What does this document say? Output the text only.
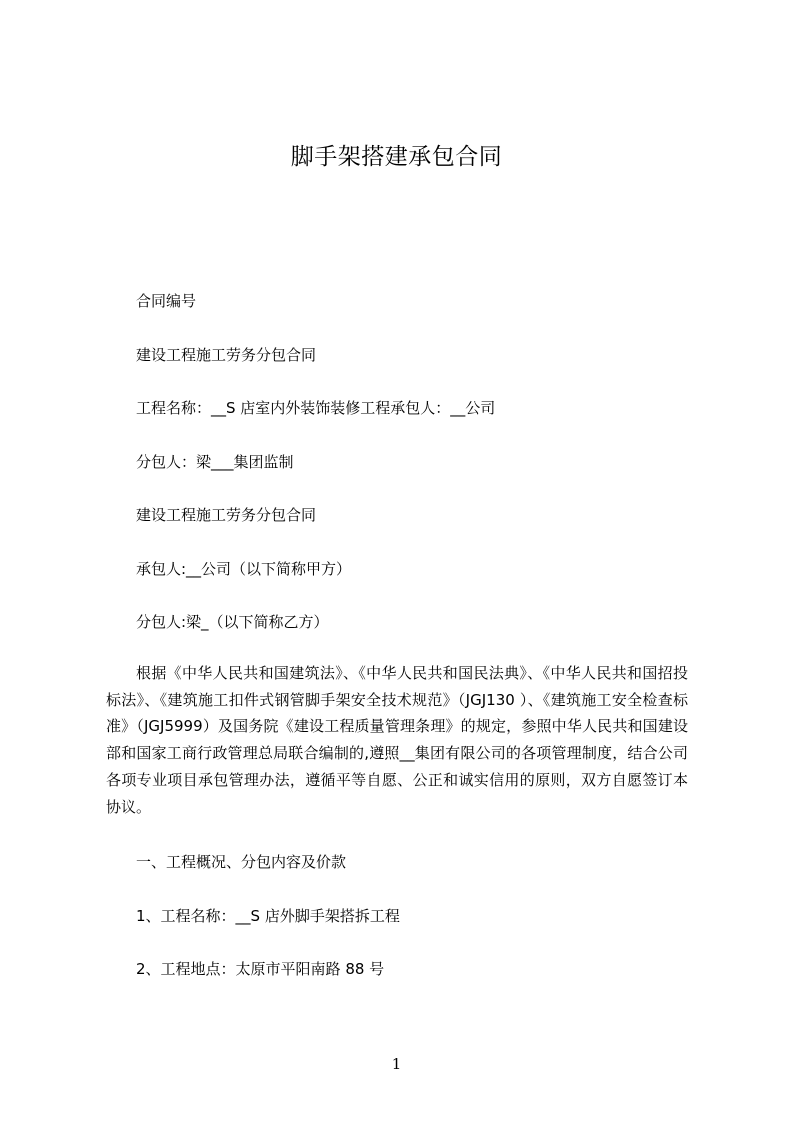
脚手架搭建承包合同
合同编号
建设工程施工劳务分包合同
工程名称：__S 店室内外装饰装修工程承包人：__公司
分包人：梁___集团监制
建设工程施工劳务分包合同
承包人:__公司（以下简称甲方）
分包人:梁_（以下简称乙方）
根据《中华人民共和国建筑法》、《中华人民共和国民法典》、《中华人民共和国招投标法》、《建筑施工扣件式钢管脚手架安全技术规范》（JGJ130 ）、《建筑施工安全检查标准》（JGJ5999）及国务院《建设工程质量管理条理》的规定，参照中华人民共和国建设部和国家工商行政管理总局联合编制的,遵照__集团有限公司的各项管理制度，结合公司各项专业项目承包管理办法，遵循平等自愿、公正和诚实信用的原则，双方自愿签订本协议。
一、工程概况、分包内容及价款
1、工程名称：__S 店外脚手架搭拆工程
2、工程地点：太原市平阳南路 88 号
1
